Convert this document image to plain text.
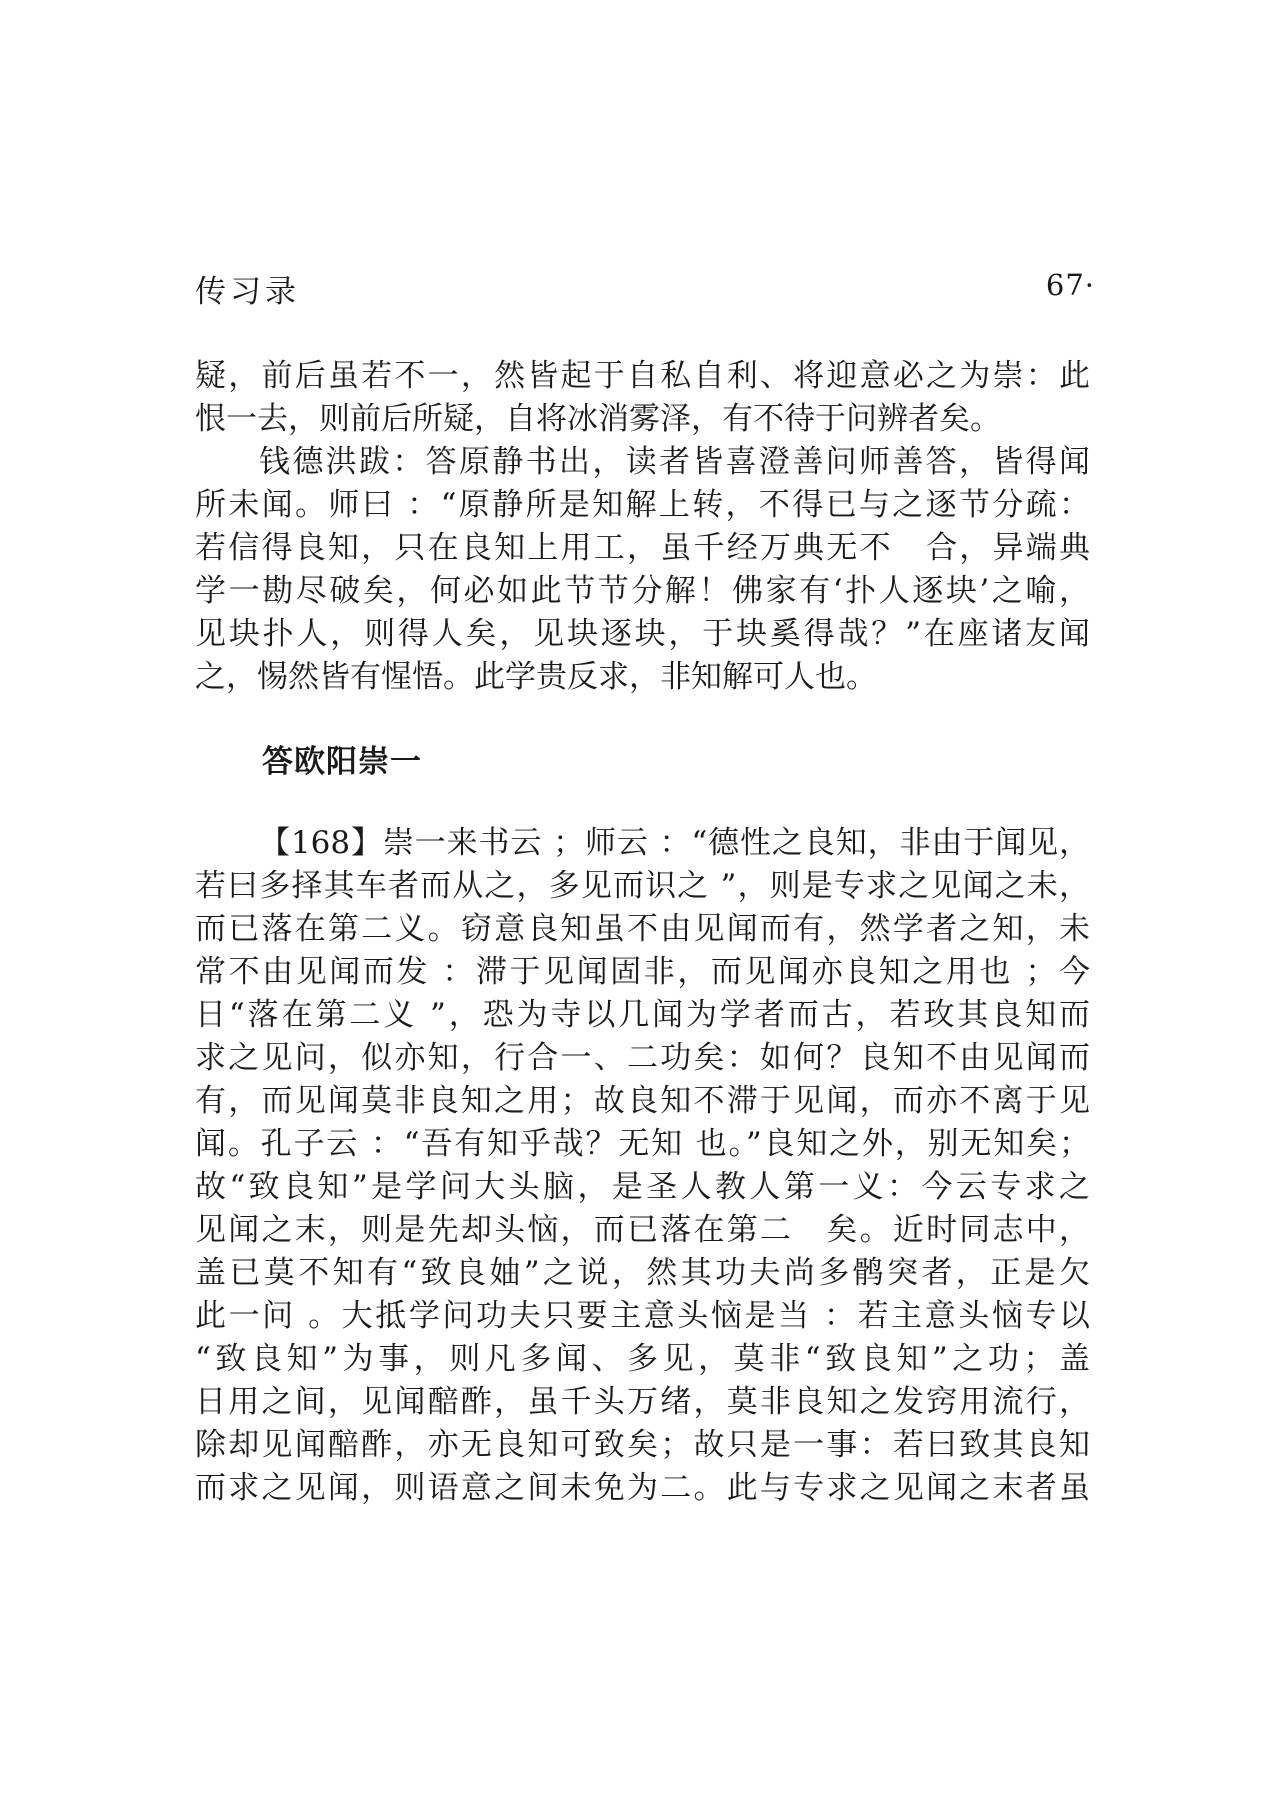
传习录	67·
疑，前后虽若不一，然皆起于自私自利、将迎意必之为崇：此
恨一去，则前后所疑，自将冰消雾泽，有不待于问辨者矣。
钱德洪跋：答原静书出，读者皆喜澄善问师善答，皆得闻
所未闻。师曰 ：“原静所是知解上转，不得已与之逐节分疏：
若信得良知，只在良知上用工，虽千经万典无不　合，异端典
学一勘尽破矣，何必如此节节分解！佛家有‘扑人逐块’之喻，
见块扑人，则得人矣，见块逐块，于块奚得哉？”在座诸友闻
之，惕然皆有惺悟。此学贵反求，非知解可人也。
答欧阳崇一
【168】崇一来书云 ；师云 ：“德性之良知，非由于闻见，
若曰多择其车者而从之，多见而识之 ”，则是专求之见闻之未，
而已落在第二义。窃意良知虽不由见闻而有，然学者之知，未
常不由见闻而发 ：滞于见闻固非，而见闻亦良知之用也 ；今
日“落在第二义 ”，恐为寺以几闻为学者而古，若玫其良知而
求之见问，似亦知，行合一、二功矣：如何？良知不由见闻而
有，而见闻莫非良知之用；故良知不滞于见闻，而亦不离于见
闻。孔子云 ：“吾有知乎哉？无知 也。”良知之外，别无知矣；
故“致良知”是学问大头脑，是圣人教人第一义：今云专求之
见闻之末，则是先却头恼，而已落在第二　矣。近时同志中，
盖已莫不知有“致良妯”之说，然其功夫尚多鹘突者，正是欠
此一问 。大抵学问功夫只要主意头恼是当 ：若主意头恼专以
“致良知”为事，则凡多闻、多见，莫非“致良知”之功；盖
日用之间，见闻醅酢，虽千头万绪，莫非良知之发窍用流行，
除却见闻醅酢，亦无良知可致矣；故只是一事：若曰致其良知
而求之见闻，则语意之间未免为二。此与专求之见闻之末者虽
